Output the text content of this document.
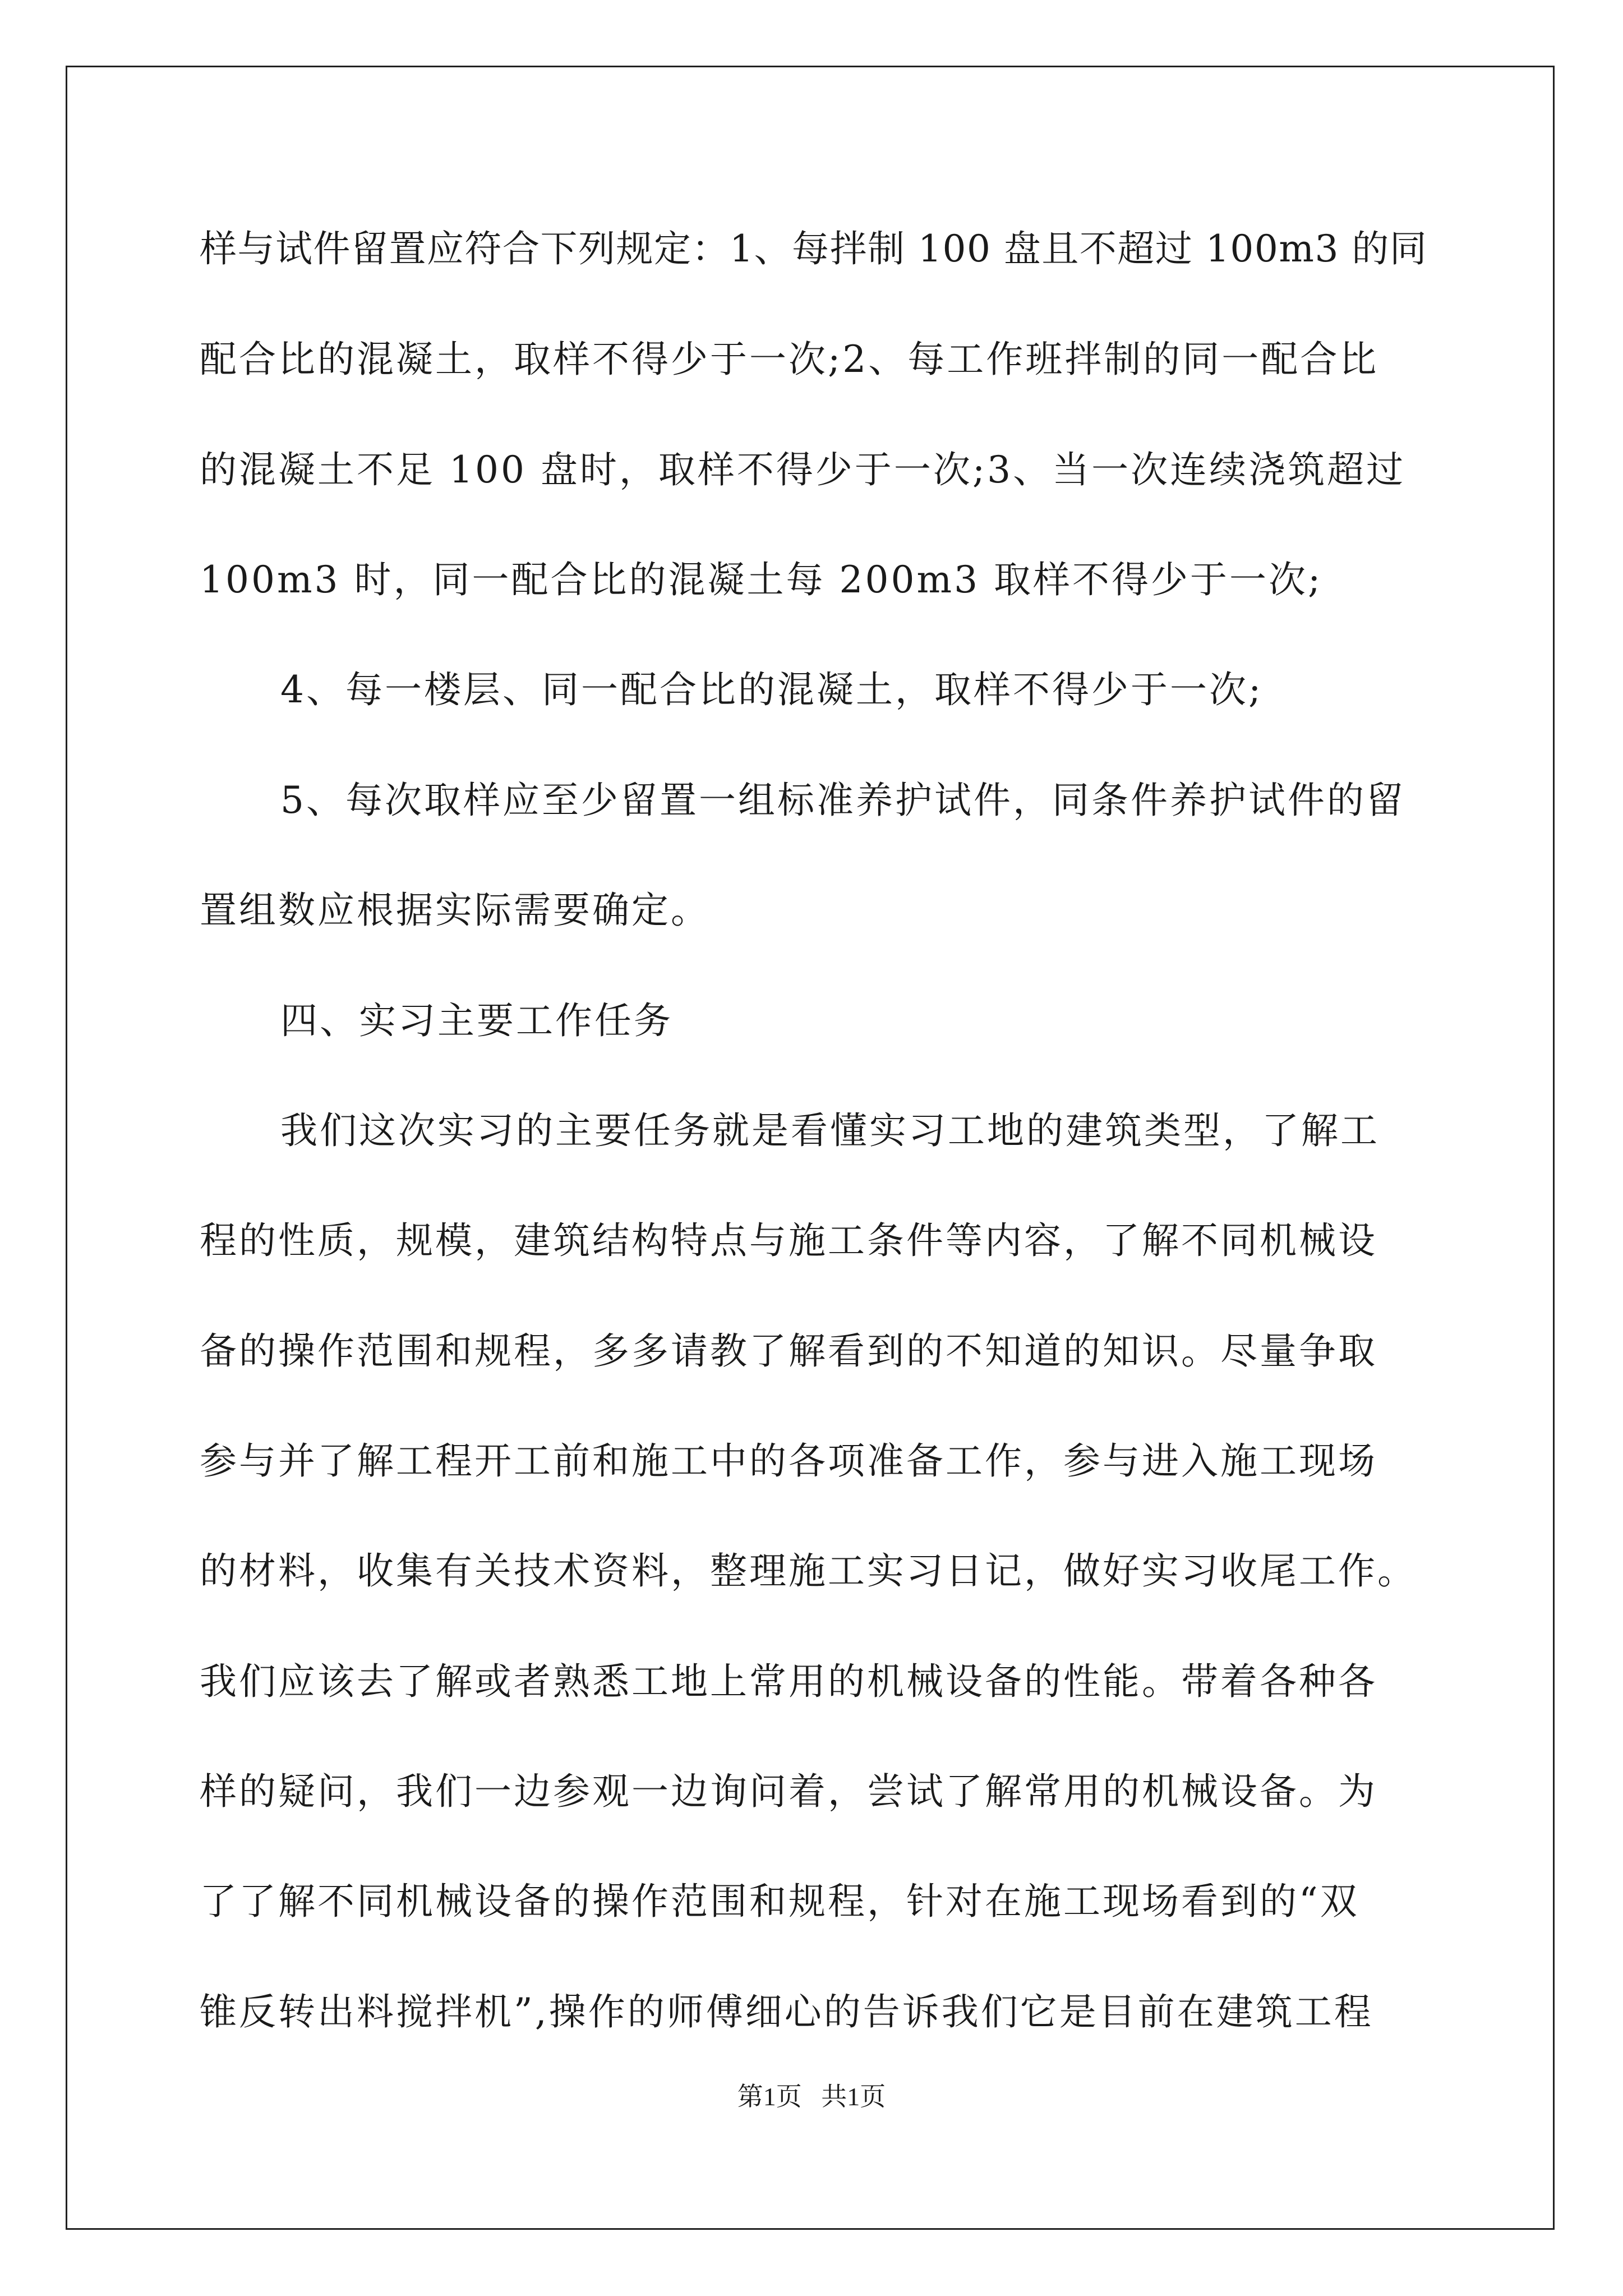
样与试件留置应符合下列规定：1、每拌制 100 盘且不超过 100m3 的同

配合比的混凝土，取样不得少于一次;2、每工作班拌制的同一配合比

的混凝土不足 100 盘时，取样不得少于一次;3、当一次连续浇筑超过

100m3 时，同一配合比的混凝土每 200m3 取样不得少于一次;

4、每一楼层、同一配合比的混凝土，取样不得少于一次;

5、每次取样应至少留置一组标准养护试件，同条件养护试件的留

置组数应根据实际需要确定。

四、实习主要工作任务

我们这次实习的主要任务就是看懂实习工地的建筑类型，了解工

程的性质，规模，建筑结构特点与施工条件等内容，了解不同机械设

备的操作范围和规程，多多请教了解看到的不知道的知识。尽量争取

参与并了解工程开工前和施工中的各项准备工作，参与进入施工现场

的材料，收集有关技术资料，整理施工实习日记，做好实习收尾工作。

我们应该去了解或者熟悉工地上常用的机械设备的性能。带着各种各

样的疑问，我们一边参观一边询问着，尝试了解常用的机械设备。为

了了解不同机械设备的操作范围和规程，针对在施工现场看到的“双

锥反转出料搅拌机”,操作的师傅细心的告诉我们它是目前在建筑工程

第1页   共1页
